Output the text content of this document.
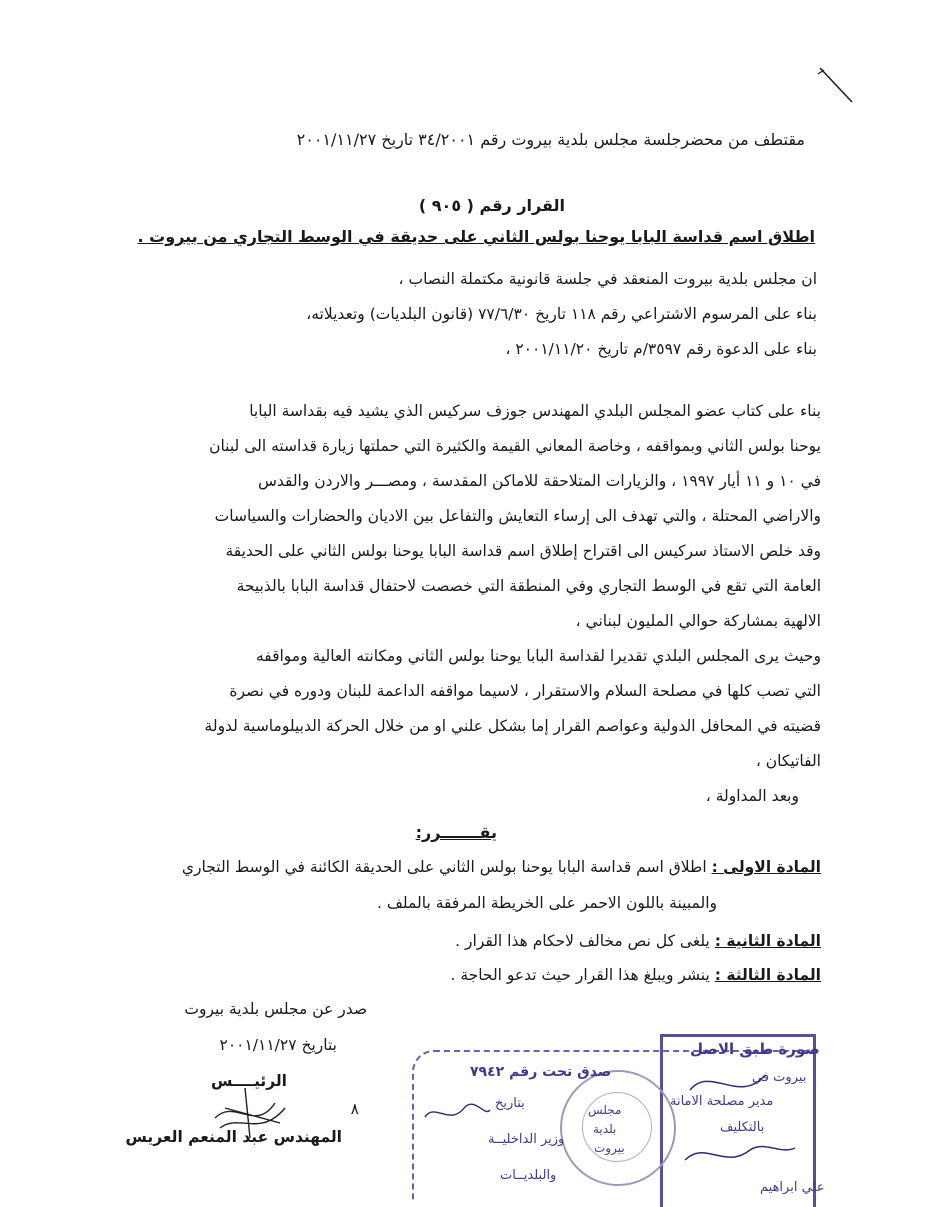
مقتطف من محضرجلسة مجلس بلدية بيروت رقم ٣٤/٢٠٠١ تاريخ ٢٠٠١/١١/٢٧
القرار رقم ( ٩٠٥ )
اطلاق اسم قداسة البابا يوحنا بولس الثاني على حديقة في الوسط التجاري من بيروت .
ان مجلس بلدية بيروت المنعقد في جلسة قانونية مكتملة النصاب ،
بناء على المرسوم الاشتراعي رقم ١١٨ تاريخ ٧٧/٦/٣٠ (قانون البلديات) وتعديلاته،
بناء على الدعوة رقم ٣٥٩٧/م تاريخ ٢٠٠١/١١/٢٠ ،
بناء على كتاب عضو المجلس البلدي المهندس جوزف سركيس الذي يشيد فيه بقداسة البابا
يوحنا بولس الثاني وبمواقفه ، وخاصة المعاني القيمة والكثيرة التي حملتها زيارة قداسته الى لبنان
في ١٠ و ١١ أيار ١٩٩٧ ، والزيارات المتلاحقة للاماكن المقدسة ، ومصـــر والاردن والقدس
والاراضي المحتلة ، والتي تهدف الى إرساء التعايش والتفاعل بين الاديان والحضارات والسياسات
وقد خلص الاستاذ سركيس الى اقتراح إطلاق اسم قداسة البابا يوحنا بولس الثاني على الحديقة
العامة التي تقع في الوسط التجاري وفي المنطقة التي خصصت لاحتفال قداسة البابا بالذبيحة
الالهية بمشاركة حوالي المليون لبناني ،
وحيث يرى المجلس البلدي تقديرا لقداسة البابا يوحنا بولس الثاني ومكانته العالية ومواقفه
التي تصب كلها في مصلحة السلام والاستقرار ، لاسيما مواقفه الداعمة للبنان ودوره في نصرة
قضيته في المحافل الدولية وعواصم القرار إما بشكل علني او من خلال الحركة الدبيلوماسية لدولة
الفاتيكان ،
وبعد المداولة ،
يقـــــــرر:
المادة الاولى : اطلاق اسم قداسة البابا يوحنا بولس الثاني على الحديقة الكائنة في الوسط التجاري
والمبينة باللون الاحمر على الخريطة المرفقة بالملف .
المادة الثانية : يلغى كل نص مخالف لاحكام هذا القرار .
المادة الثالثة : ينشر ويبلغ هذا القرار حيث تدعو الحاجة .
صدر عن مجلس بلدية بيروت
بتاريخ ٢٠٠١/١١/٢٧
الرئيــــس
المهندس عبد المنعم العريس
٨	مجلس
بلدية
بيروت
صورة طبق الاصل
بيروت في
مدير مصلحة الامانة
بالتكليف
علي ابراهيم
صدق تحت رقم ٧٩٤٢
بتاريخ
وزير الداخليــة
والبلديــات
